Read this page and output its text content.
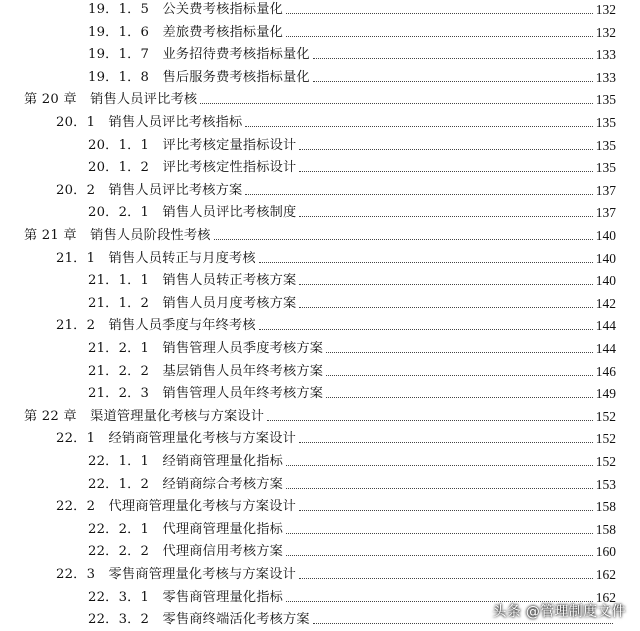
19．1．5　公关费考核指标量化	132
19．1．6　差旅费考核指标量化	132
19．1．7　业务招待费考核指标量化	133
19．1．8　售后服务费考核指标量化	133
第 20 章　销售人员评比考核	135
20．1　销售人员评比考核指标	135
20．1．1　评比考核定量指标设计	135
20．1．2　评比考核定性指标设计	135
20．2　销售人员评比考核方案	137
20．2．1　销售人员评比考核制度	137
第 21 章　销售人员阶段性考核	140
21．1　销售人员转正与月度考核	140
21．1．1　销售人员转正考核方案	140
21．1．2　销售人员月度考核方案	142
21．2　销售人员季度与年终考核	144
21．2．1　销售管理人员季度考核方案	144
21．2．2　基层销售人员年终考核方案	146
21．2．3　销售管理人员年终考核方案	149
第 22 章　渠道管理量化考核与方案设计	152
22．1　经销商管理量化考核与方案设计	152
22．1．1　经销商管理量化指标	152
22．1．2　经销商综合考核方案	153
22．2　代理商管理量化考核与方案设计	158
22．2．1　代理商管理量化指标	158
22．2．2　代理商信用考核方案	160
22．3　零售商管理量化考核与方案设计	162
22．3．1　零售商管理量化指标	162
22．3．2　零售商终端活化考核方案	头条 @管理制度文件
